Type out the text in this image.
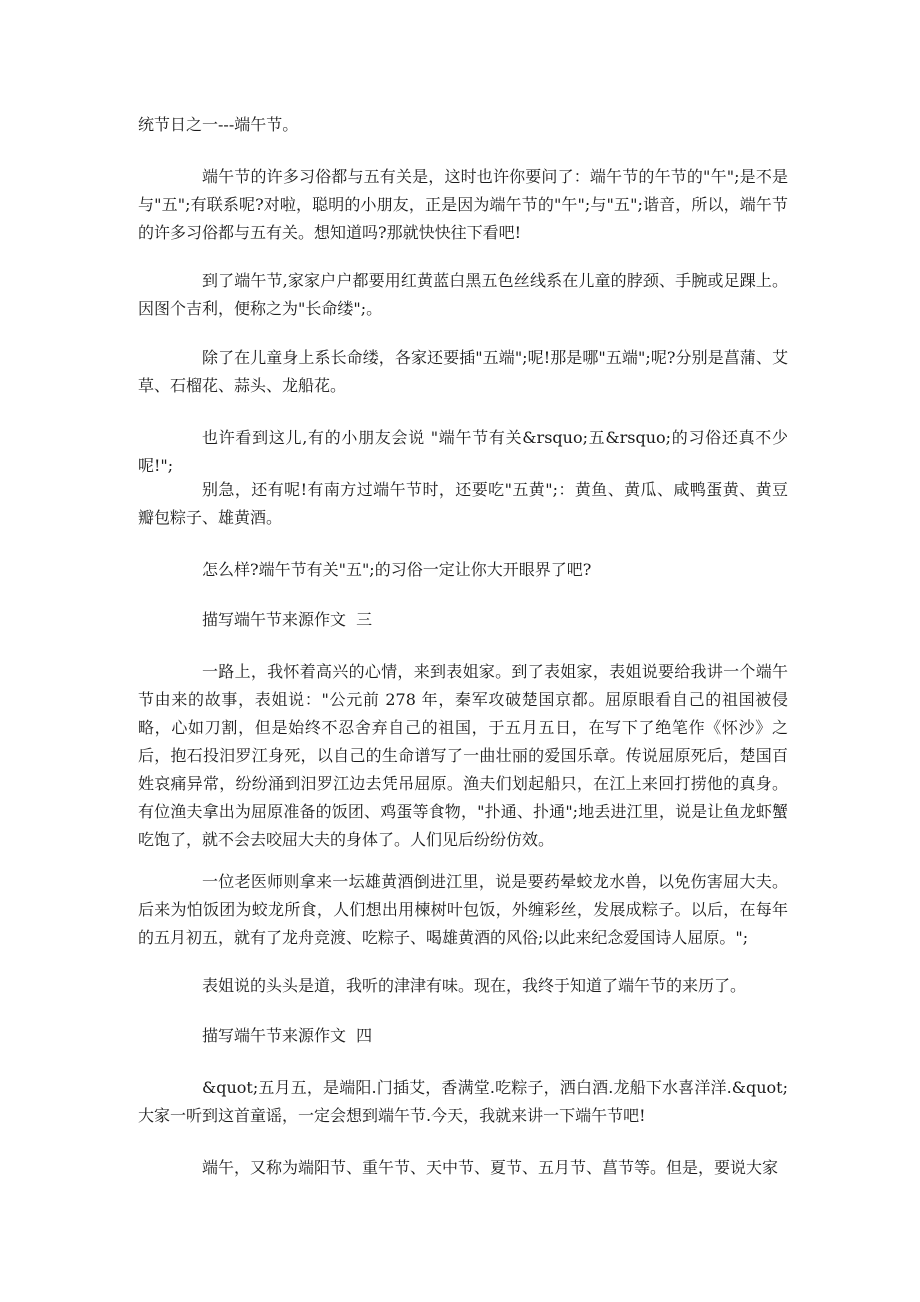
统节日之一---端午节。

端午节的许多习俗都与五有关是，这时也许你要问了：端午节的午节的"午";是不是与"五";有联系呢?对啦，聪明的小朋友，正是因为端午节的"午";与"五";谐音，所以，端午节的许多习俗都与五有关。想知道吗?那就快快往下看吧!

到了端午节,家家户户都要用红黄蓝白黑五色丝线系在儿童的脖颈、手腕或足踝上。因图个吉利，便称之为"长命缕";。

除了在儿童身上系长命缕，各家还要插"五端";呢!那是哪"五端";呢?分别是菖蒲、艾草、石榴花、蒜头、龙船花。

也许看到这儿,有的小朋友会说 "端午节有关&rsquo;五&rsquo;的习俗还真不少呢!";

别急，还有呢!有南方过端午节时，还要吃"五黄";：黄鱼、黄瓜、咸鸭蛋黄、黄豆瓣包粽子、雄黄酒。

怎么样?端午节有关"五";的习俗一定让你大开眼界了吧?

描写端午节来源作文  三

一路上，我怀着高兴的心情，来到表姐家。到了表姐家，表姐说要给我讲一个端午节由来的故事，表姐说："公元前 278 年，秦军攻破楚国京都。屈原眼看自己的祖国被侵略，心如刀割，但是始终不忍舍弃自己的祖国，于五月五日，在写下了绝笔作《怀沙》之后，抱石投汨罗江身死，以自己的生命谱写了一曲壮丽的爱国乐章。传说屈原死后，楚国百姓哀痛异常，纷纷涌到汨罗江边去凭吊屈原。渔夫们划起船只，在江上来回打捞他的真身。有位渔夫拿出为屈原准备的饭团、鸡蛋等食物，"扑通、扑通";地丢进江里，说是让鱼龙虾蟹吃饱了，就不会去咬屈大夫的身体了。人们见后纷纷仿效。

一位老医师则拿来一坛雄黄酒倒进江里，说是要药晕蛟龙水兽，以免伤害屈大夫。后来为怕饭团为蛟龙所食，人们想出用楝树叶包饭，外缠彩丝，发展成粽子。以后，在每年的五月初五，就有了龙舟竞渡、吃粽子、喝雄黄酒的风俗;以此来纪念爱国诗人屈原。";

表姐说的头头是道，我听的津津有味。现在，我终于知道了端午节的来历了。

描写端午节来源作文  四

&quot;五月五，是端阳.门插艾，香满堂.吃粽子，洒白酒.龙船下水喜洋洋.&quot;大家一听到这首童谣，一定会想到端午节.今天，我就来讲一下端午节吧!

端午，又称为端阳节、重午节、天中节、夏节、五月节、菖节等。但是，要说大家
